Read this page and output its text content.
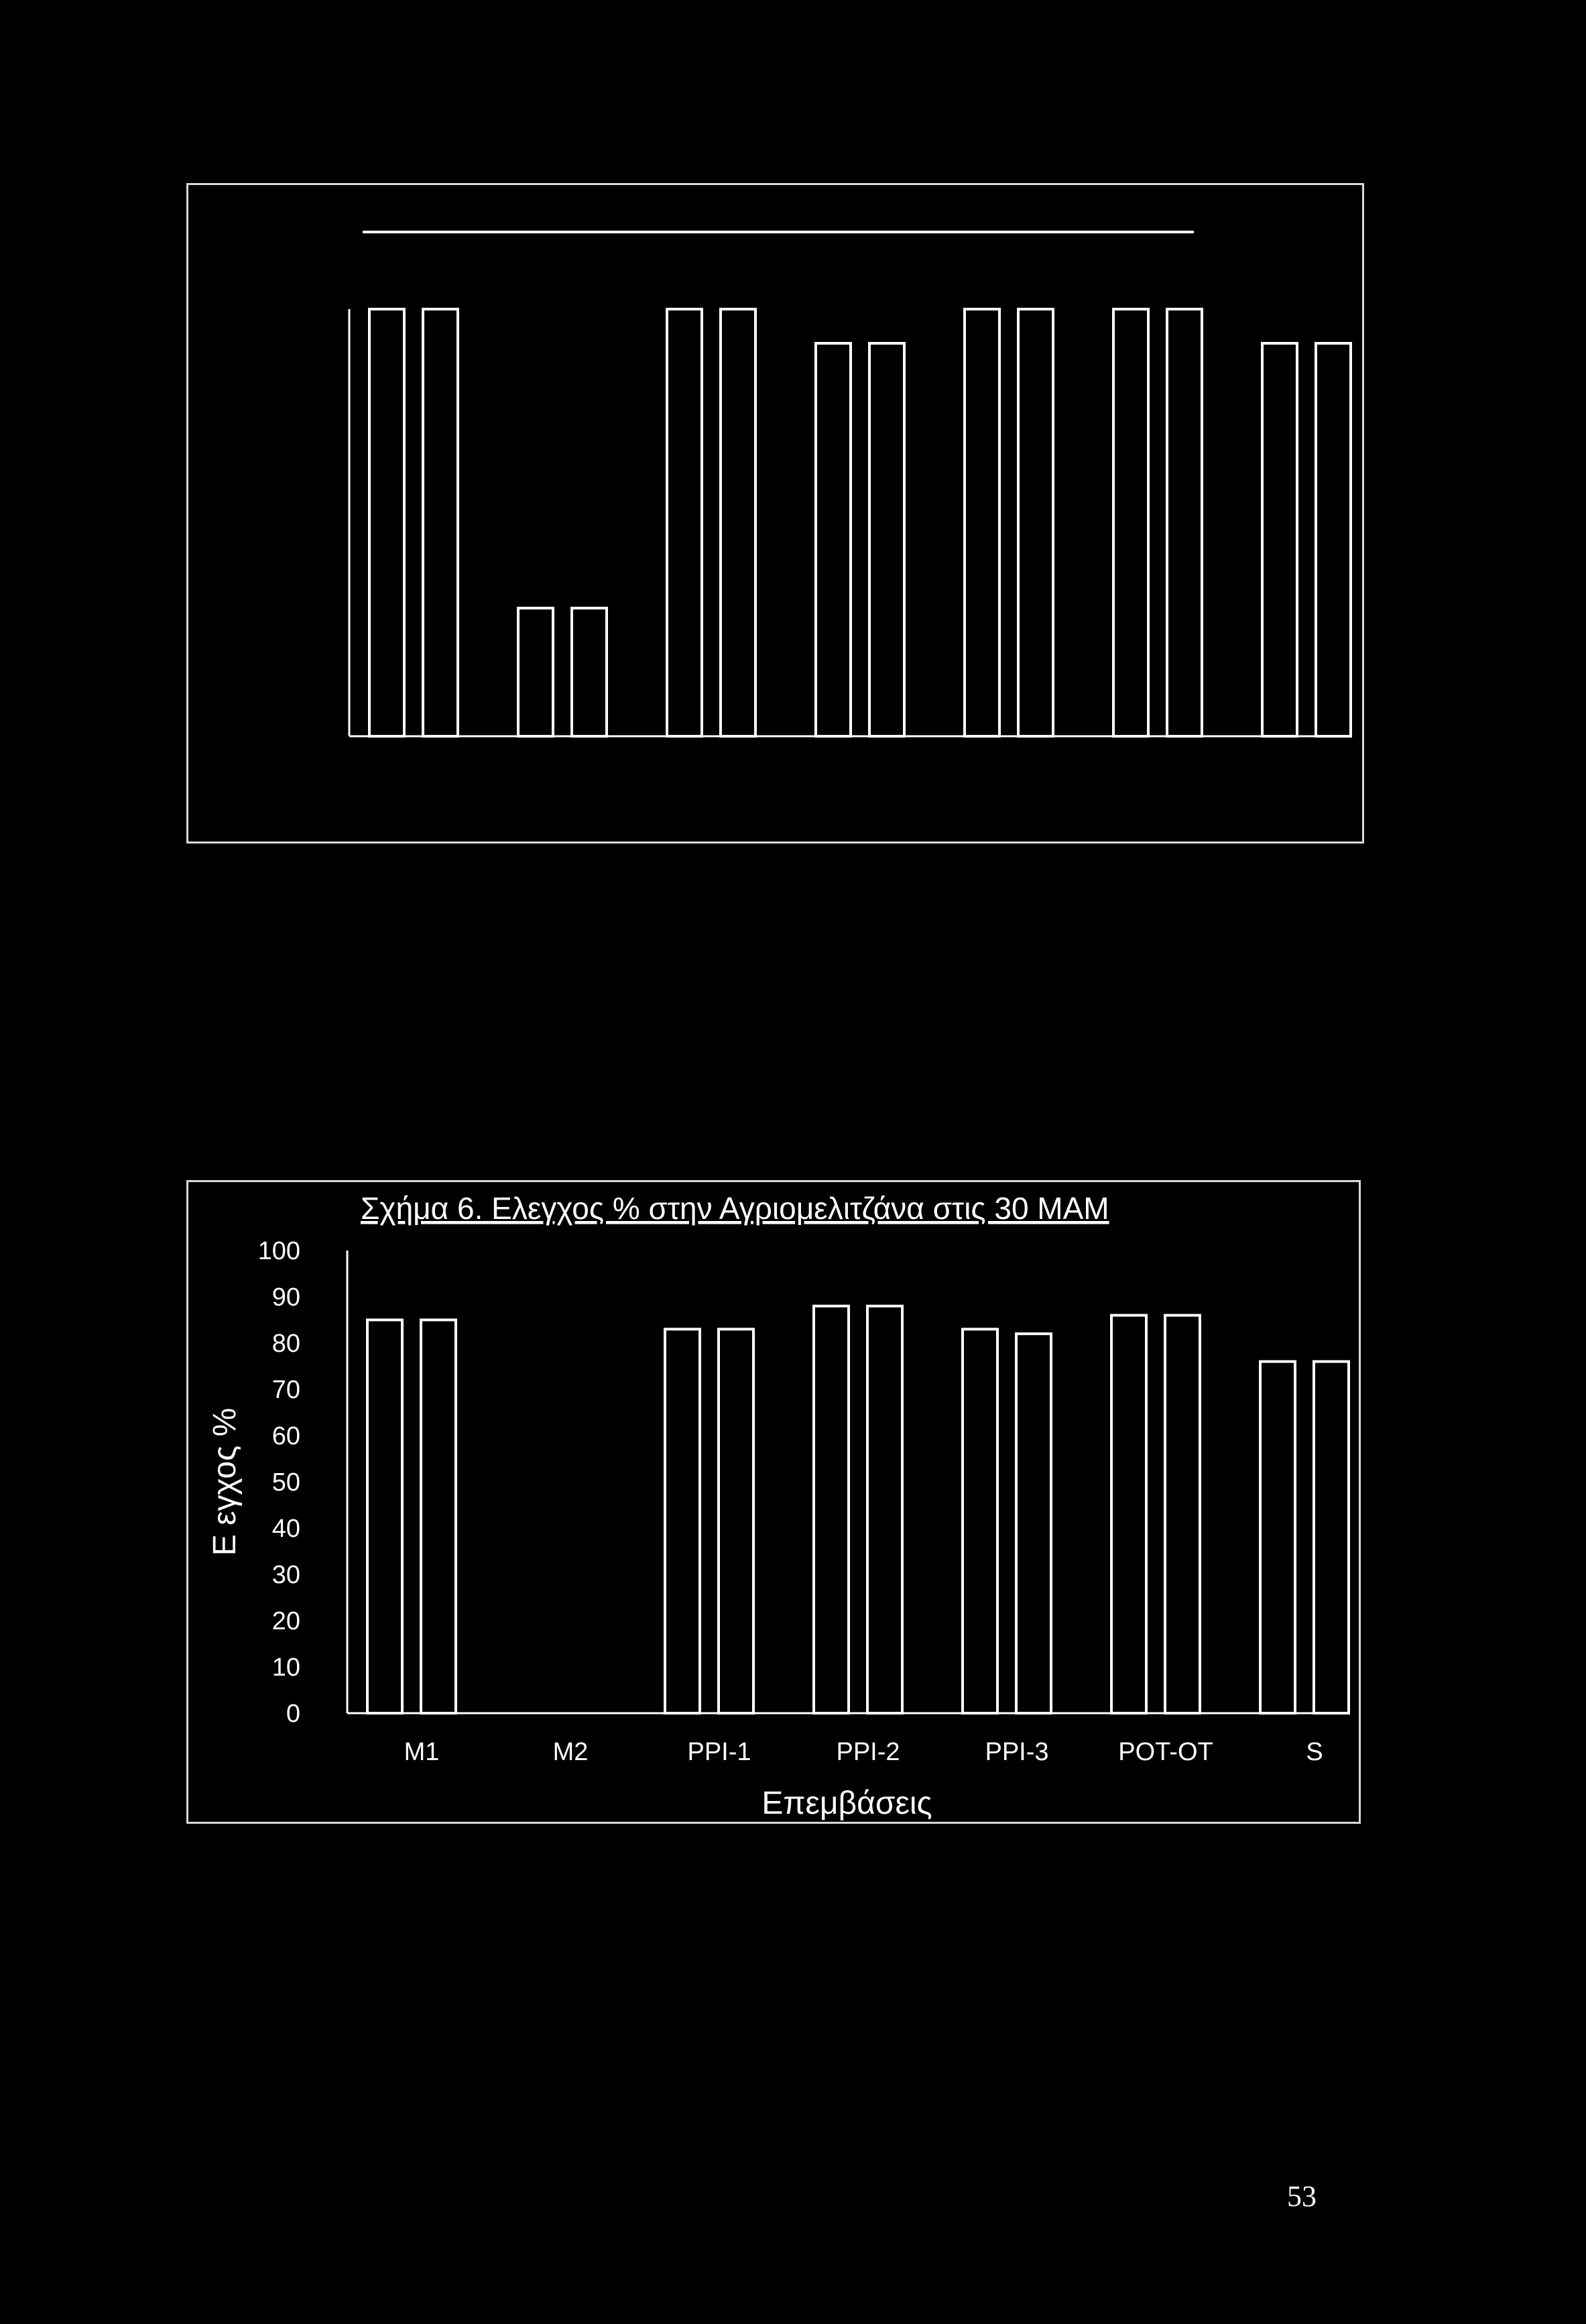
0
10
20
30
40
50
60
70
80
90
100
M1	M2	PPI-1	PPI-2	PPI-3	POT-OT	S
Σχήμα 6. Ελεγχος % στην Αγριομελιτζάνα στις 30 ΜΑΜ
Επεμβάσεις
Ε εγχος %
53
